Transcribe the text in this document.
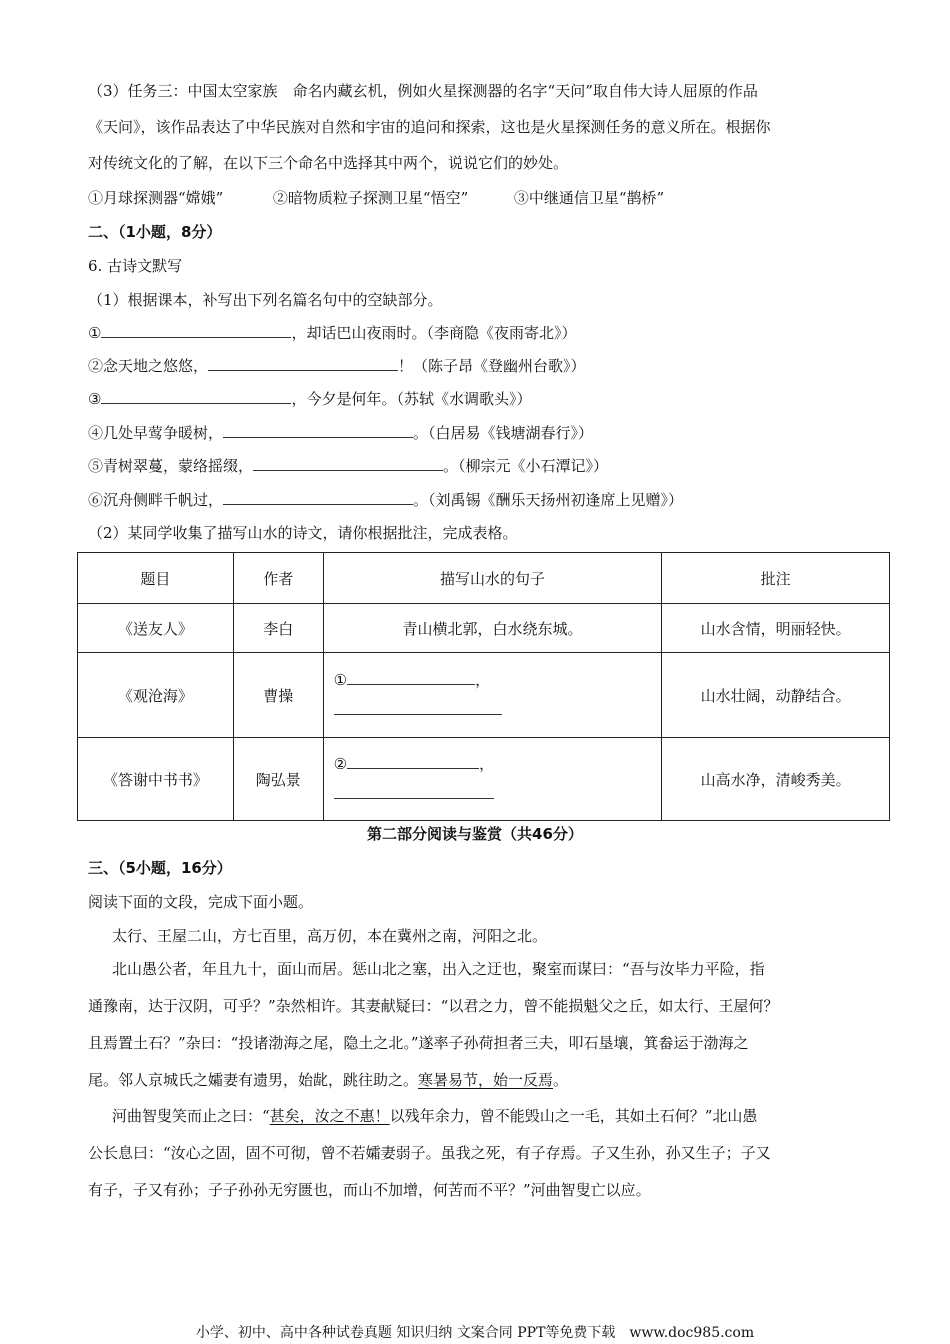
（3）任务三：中国太空家族　命名内藏玄机，例如火星探测器的名字“天问”取自伟大诗人屈原的作品
《天问》，该作品表达了中华民族对自然和宇宙的追问和探索，这也是火星探测任务的意义所在。根据你
对传统文化的了解，在以下三个命名中选择其中两个，说说它们的妙处。
①月球探测器“嫦娥”	②暗物质粒子探测卫星“悟空”	③中继通信卫星“鹊桥”
二、（1小题，8分）
6. 古诗文默写
（1）根据课本，补写出下列名篇名句中的空缺部分。
①	，却话巴山夜雨时。（李商隐《夜雨寄北》）
②念天地之悠悠，	！（陈子昂《登幽州台歌》）
③	，今夕是何年。（苏轼《水调歌头》）
④几处早莺争暖树，	。（白居易《钱塘湖春行》）
⑤青树翠蔓，蒙络摇缀，	。（柳宗元《小石潭记》）
⑥沉舟侧畔千帆过，	。（刘禹锡《酬乐天扬州初逢席上见赠》）
（2）某同学收集了描写山水的诗文，请你根据批注，完成表格。
题目	作者	描写山水的句子	批注
《送友人》	李白	青山横北郭，白水绕东城。	山水含情，明丽轻快。
《观沧海》	曹操	① ，	山水壮阔，动静结合。
《答谢中书书》	陶弘景	② ，	山高水净，清峻秀美。
第二部分阅读与鉴赏（共46分）
三、（5小题，16分）
阅读下面的文段，完成下面小题。
太行、王屋二山，方七百里，高万仞，本在冀州之南，河阳之北。
北山愚公者，年且九十，面山而居。惩山北之塞，出入之迂也，聚室而谋曰：“吾与汝毕力平险，指
通豫南，达于汉阴，可乎？”杂然相许。其妻献疑曰：“以君之力，曾不能损魁父之丘，如太行、王屋何？
且焉置土石？”杂曰：“投诸渤海之尾，隐土之北。”遂率子孙荷担者三夫，叩石垦壤，箕畚运于渤海之
尾。邻人京城氏之孀妻有遗男，始龀，跳往助之。寒暑易节，始一反焉。
河曲智叟笑而止之曰：“甚矣，汝之不惠！以残年余力，曾不能毁山之一毛，其如土石何？”北山愚
公长息曰：“汝心之固，固不可彻，曾不若孀妻弱子。虽我之死，有子存焉。子又生孙，孙又生子；子又
有子，子又有孙；子子孙孙无穷匮也，而山不加增，何苦而不平？”河曲智叟亡以应。
小学、初中、高中各种试卷真题 知识归纳 文案合同 PPT等免费下载　www.doc985.com
